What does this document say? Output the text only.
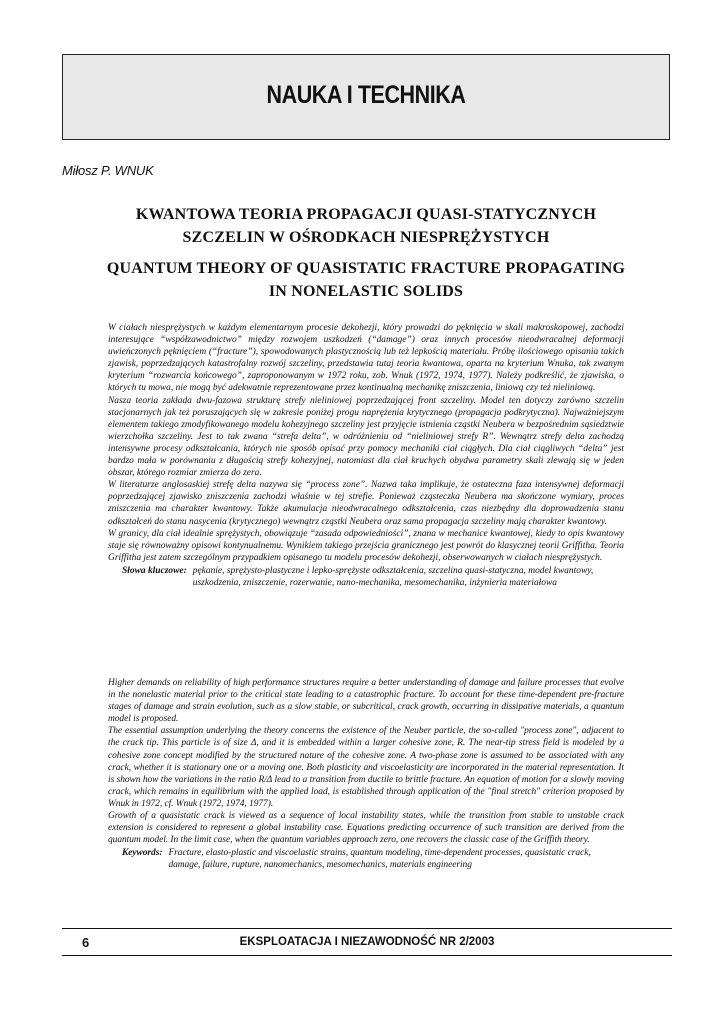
NAUKA I TECHNIKA
Miłosz P. WNUK
KWANTOWA TEORIA PROPAGACJI QUASI-STATYCZNYCH
SZCZELIN W OŚRODKACH NIESPRĘŻYSTYCH
QUANTUM THEORY OF QUASISTATIC FRACTURE PROPAGATING
IN NONELASTIC SOLIDS

W ciałach niesprężystych w każdym elementarnym procesie dekohezji, który prowadzi do pęknięcia w skali makroskopowej, zachodzi interesujące “współzawodnictwo” między rozwojem uszkodzeń (“damage”) oraz innych procesów nieodwracalnej deformacji uwieńczonych pęknięciem (“fracture”), spowodowanych plastycznością lub też lepkością materiału. Próbę ilościowego opisania takich zjawisk, poprzedzających katastrofalny rozwój szczeliny, przedstawia tutaj teoria kwantowa, oparta na kryterium Wnuka, tak zwanym kryterium “rozwarcia końcowego”, zaproponowanym w 1972 roku, zob. Wnuk (1972, 1974, 1977). Należy podkreślić, że zjawiska, o których tu mowa, nie mogą być adekwatnie reprezentowane przez kontinualną mechanikę zniszczenia, liniową czy też nieliniową.

Nasza teoria zakłada dwu-fazowa strukturę strefy nieliniowej poprzedzającej front szczeliny. Model ten dotyczy zarówno szczelin stacjonarnych jak też poruszających się w zakresie poniżej progu naprężenia krytycznego (propagacja podkrytyczna). Najważniejszym elementem takiego zmodyfikowanego modelu kohezyjnego szczeliny jest przyjęcie istnienia cząstki Neubera w bezpośrednim sąsiedztwie wierzchołka szczeliny. Jest to tak zwana “strefa delta”, w odróżnieniu od “nieliniowej strefy R”. Wewnątrz strefy delta zachodzą intensywne procesy odkształcania, których nie sposób opisać przy pomocy mechaniki ciał ciągłych. Dla ciał ciągliwych “delta” jest bardzo mała w porównaniu z długością strefy kohezyjnej, natomiast dla ciał kruchych obydwa parametry skali zlewają się w jeden obszar, którego rozmiar zmierza do zera.

W literaturze anglosaskiej strefę delta nazywa się “process zone”. Nazwa taka implikuje, że ostateczna faza intensywnej deformacji poprzedzającej zjawisko zniszczenia zachodzi właśnie w tej strefie. Ponieważ cząsteczka Neubera ma skończone wymiary, proces zniszczenia ma charakter kwantowy. Także akumulacja nieodwracalnego odkształcenia, czas niezbędny dla doprowadzenia stanu odkształceń do stanu nasycenia (krytycznego) wewnątrz cząstki Neubera oraz sama propagacja szczeliny mają charakter kwantowy.

W granicy, dla ciał idealnie sprężystych, obowiązuje “zasada odpowiedniości”, znana w mechanice kwantowej, kiedy to opis kwantowy staje się równoważny opisowi kontynualnemu. Wynikiem takiego przejścia granicznego jest powrót do klasycznej teorii Griffitha. Teoria Griffitha jest zatem szczególnym przypadkiem opisanego tu modelu procesów dekohezji, obserwowanych w ciałach niesprężystych.

Słowa kluczowe: pękanie, sprężysto-plastyczne i lepko-sprężyste odkształcenia, szczelina quasi-statyczna, model kwantowy, uszkodzenia, zniszczenie, rozerwanie, nano-mechanika, mesomechanika, inżynieria materiałowa

Higher demands on reliability of high performance structures require a better understanding of damage and failure processes that evolve in the nonelastic material prior to the critical state leading to a catastrophic fracture. To account for these time-dependent pre-fracture stages of damage and strain evolution, such as a slow stable, or subcritical, crack growth, occurring in dissipative materials, a quantum model is proposed.

The essential assumption underlying the theory concerns the existence of the Neuber particle, the so-called "process zone", adjacent to the crack tip. This particle is of size Δ, and it is embedded within a larger cohesive zone, R. The near-tip stress field is modeled by a cohesive zone concept modified by the structured nature of the cohesive zone. A two-phase zone is assumed to be associated with any crack, whether it is stationary one or a moving one. Both plasticity and viscoelasticity are incorporated in the material representation. It is shown how the variations in the ratio R/Δ lead to a transition from ductile to brittle fracture. An equation of motion for a slowly moving crack, which remains in equilibrium with the applied load, is established through application of the "final stretch" criterion proposed by Wnuk in 1972, cf. Wnuk (1972, 1974, 1977).

Growth of a quasistatic crack is viewed as a sequence of local instability states, while the transition from stable to unstable crack extension is considered to represent a global instability case. Equations predicting occurrence of such transition are derived from the quantum model. In the limit case, when the quantum variables approach zero, one recovers the classic case of the Griffith theory.

Keywords: Fracture, elasto-plastic and viscoelastic strains, quantum modeling, time-dependent processes, quasistatic crack, damage, failure, rupture, nanomechanics, mesomechanics, materials engineering
6	EKSPLOATACJA I NIEZAWODNOŚĆ NR 2/2003
